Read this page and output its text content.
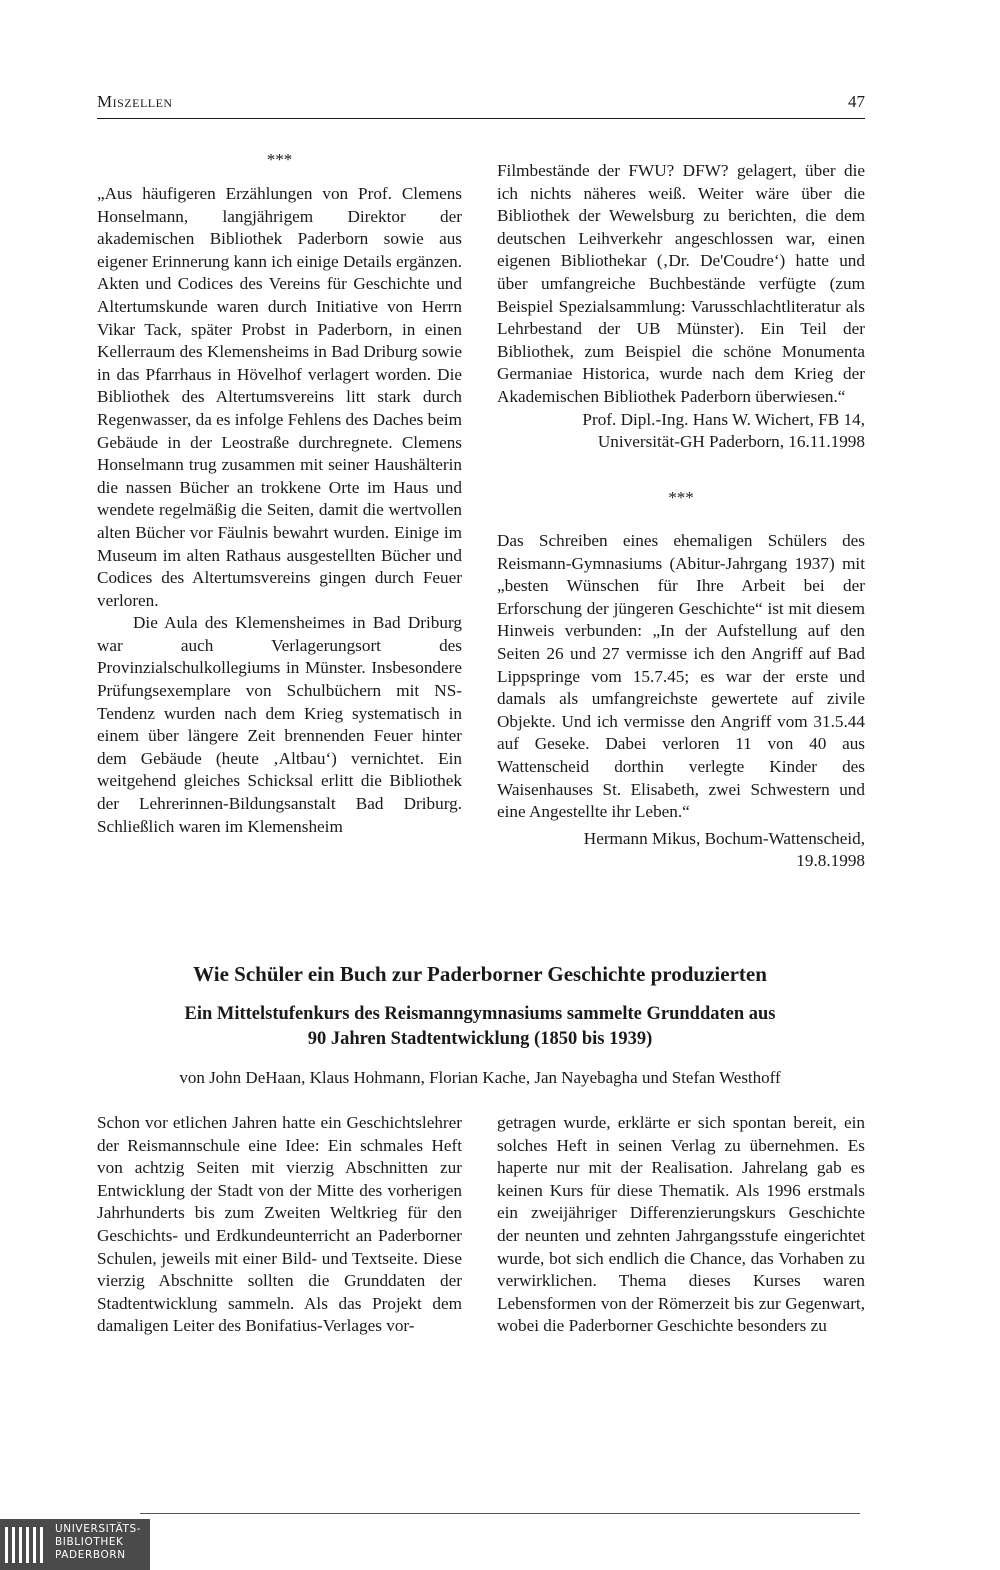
Miszellen	47
***

„Aus häufigeren Erzählungen von Prof. Clemens Honselmann, langjährigem Direktor der akademischen Bibliothek Paderborn sowie aus eigener Erinnerung kann ich einige Details ergänzen. Akten und Codices des Vereins für Geschichte und Altertumskunde waren durch Initiative von Herrn Vikar Tack, später Probst in Paderborn, in einen Kellerraum des Klemensheims in Bad Driburg sowie in das Pfarrhaus in Hövelhof verlagert worden. Die Bibliothek des Altertumsvereins litt stark durch Regenwasser, da es infolge Fehlens des Daches beim Gebäude in der Leostraße durchregnete. Clemens Honselmann trug zusammen mit seiner Haushälterin die nassen Bücher an trokkene Orte im Haus und wendete regelmäßig die Seiten, damit die wertvollen alten Bücher vor Fäulnis bewahrt wurden. Einige im Museum im alten Rathaus ausgestellten Bücher und Codices des Altertumsvereins gingen durch Feuer verloren.

Die Aula des Klemensheimes in Bad Driburg war auch Verlagerungsort des Provinzialschulkollegiums in Münster. Insbesondere Prüfungsexemplare von Schulbüchern mit NS-Tendenz wurden nach dem Krieg systematisch in einem über längere Zeit brennenden Feuer hinter dem Gebäude (heute ‚Altbau‘) vernichtet. Ein weitgehend gleiches Schicksal erlitt die Bibliothek der Lehrerinnen-Bildungsanstalt Bad Driburg. Schließlich waren im Klemensheim

Filmbestände der FWU? DFW? gelagert, über die ich nichts näheres weiß. Weiter wäre über die Bibliothek der Wewelsburg zu berichten, die dem deutschen Leihverkehr angeschlossen war, einen eigenen Bibliothekar (‚Dr. De'Coudre‘) hatte und über umfangreiche Buchbestände verfügte (zum Beispiel Spezialsammlung: Varusschlachtliteratur als Lehrbestand der UB Münster). Ein Teil der Bibliothek, zum Beispiel die schöne Monumenta Germaniae Historica, wurde nach dem Krieg der Akademischen Bibliothek Paderborn überwiesen.“

Prof. Dipl.-Ing. Hans W. Wichert, FB 14,

Universität-GH Paderborn, 16.11.1998

***

Das Schreiben eines ehemaligen Schülers des Reismann-Gymnasiums (Abitur-Jahrgang 1937) mit „besten Wünschen für Ihre Arbeit bei der Erforschung der jüngeren Geschichte“ ist mit diesem Hinweis verbunden: „In der Aufstellung auf den Seiten 26 und 27 vermisse ich den Angriff auf Bad Lippspringe vom 15.7.45; es war der erste und damals als umfangreichste gewertete auf zivile Objekte. Und ich vermisse den Angriff vom 31.5.44 auf Geseke. Dabei verloren 11 von 40 aus Wattenscheid dorthin verlegte Kinder des Waisenhauses St. Elisabeth, zwei Schwestern und eine Angestellte ihr Leben.“

Hermann Mikus, Bochum-Wattenscheid,

19.8.1998

Wie Schüler ein Buch zur Paderborner Geschichte produzierten
Ein Mittelstufenkurs des Reismanngymnasiums sammelte Grunddaten aus
90 Jahren Stadtentwicklung (1850 bis 1939)
von John DeHaan, Klaus Hohmann, Florian Kache, Jan Nayebagha und Stefan Westhoff

Schon vor etlichen Jahren hatte ein Geschichtslehrer der Reismannschule eine Idee: Ein schmales Heft von achtzig Seiten mit vierzig Abschnitten zur Entwicklung der Stadt von der Mitte des vorherigen Jahrhunderts bis zum Zweiten Weltkrieg für den Geschichts- und Erdkundeunterricht an Paderborner Schulen, jeweils mit einer Bild- und Textseite. Diese vierzig Abschnitte sollten die Grunddaten der Stadtentwicklung sammeln. Als das Projekt dem damaligen Leiter des Bonifatius-Verlages vor-

getragen wurde, erklärte er sich spontan bereit, ein solches Heft in seinen Verlag zu übernehmen. Es haperte nur mit der Realisation. Jahrelang gab es keinen Kurs für diese Thematik. Als 1996 erstmals ein zweijähriger Differenzierungskurs Geschichte der neunten und zehnten Jahrgangsstufe eingerichtet wurde, bot sich endlich die Chance, das Vorhaben zu verwirklichen. Thema dieses Kurses waren Lebensformen von der Römerzeit bis zur Gegenwart, wobei die Paderborner Geschichte besonders zu

UNIVERSITÄTS-
BIBLIOTHEK
PADERBORN
